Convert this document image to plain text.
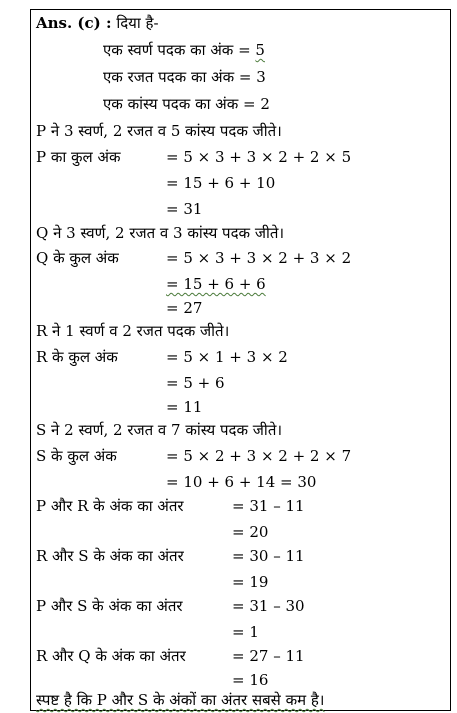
Ans. (c) : दिया है-
एक स्वर्ण पदक का अंक = 5
एक रजत पदक का अंक = 3
एक कांस्य पदक का अंक = 2
P ने 3 स्वर्ण, 2 रजत व 5 कांस्य पदक जीते।
P का कुल अंक	= 5 × 3 + 3 × 2 + 2 × 5
= 15 + 6 + 10
= 31
Q ने 3 स्वर्ण, 2 रजत व 3 कांस्य पदक जीते।
Q के कुल अंक	= 5 × 3 + 3 × 2 + 3 × 2
= 15 + 6 + 6
= 27
R ने 1 स्वर्ण व 2 रजत पदक जीते।
R के कुल अंक	= 5 × 1 + 3 × 2
= 5 + 6
= 11
S ने 2 स्वर्ण, 2 रजत व 7 कांस्य पदक जीते।
S के कुल अंक	= 5 × 2 + 3 × 2 + 2 × 7
= 10 + 6 + 14 = 30
P और R के अंक का अंतर	= 31 – 11
= 20
R और S के अंक का अंतर	= 30 – 11
= 19
P और S के अंक का अंतर	= 31 – 30
= 1
R और Q के अंक का अंतर	= 27 – 11
= 16
स्पष्ट है कि P और S के अंकों का अंतर सबसे कम है।
